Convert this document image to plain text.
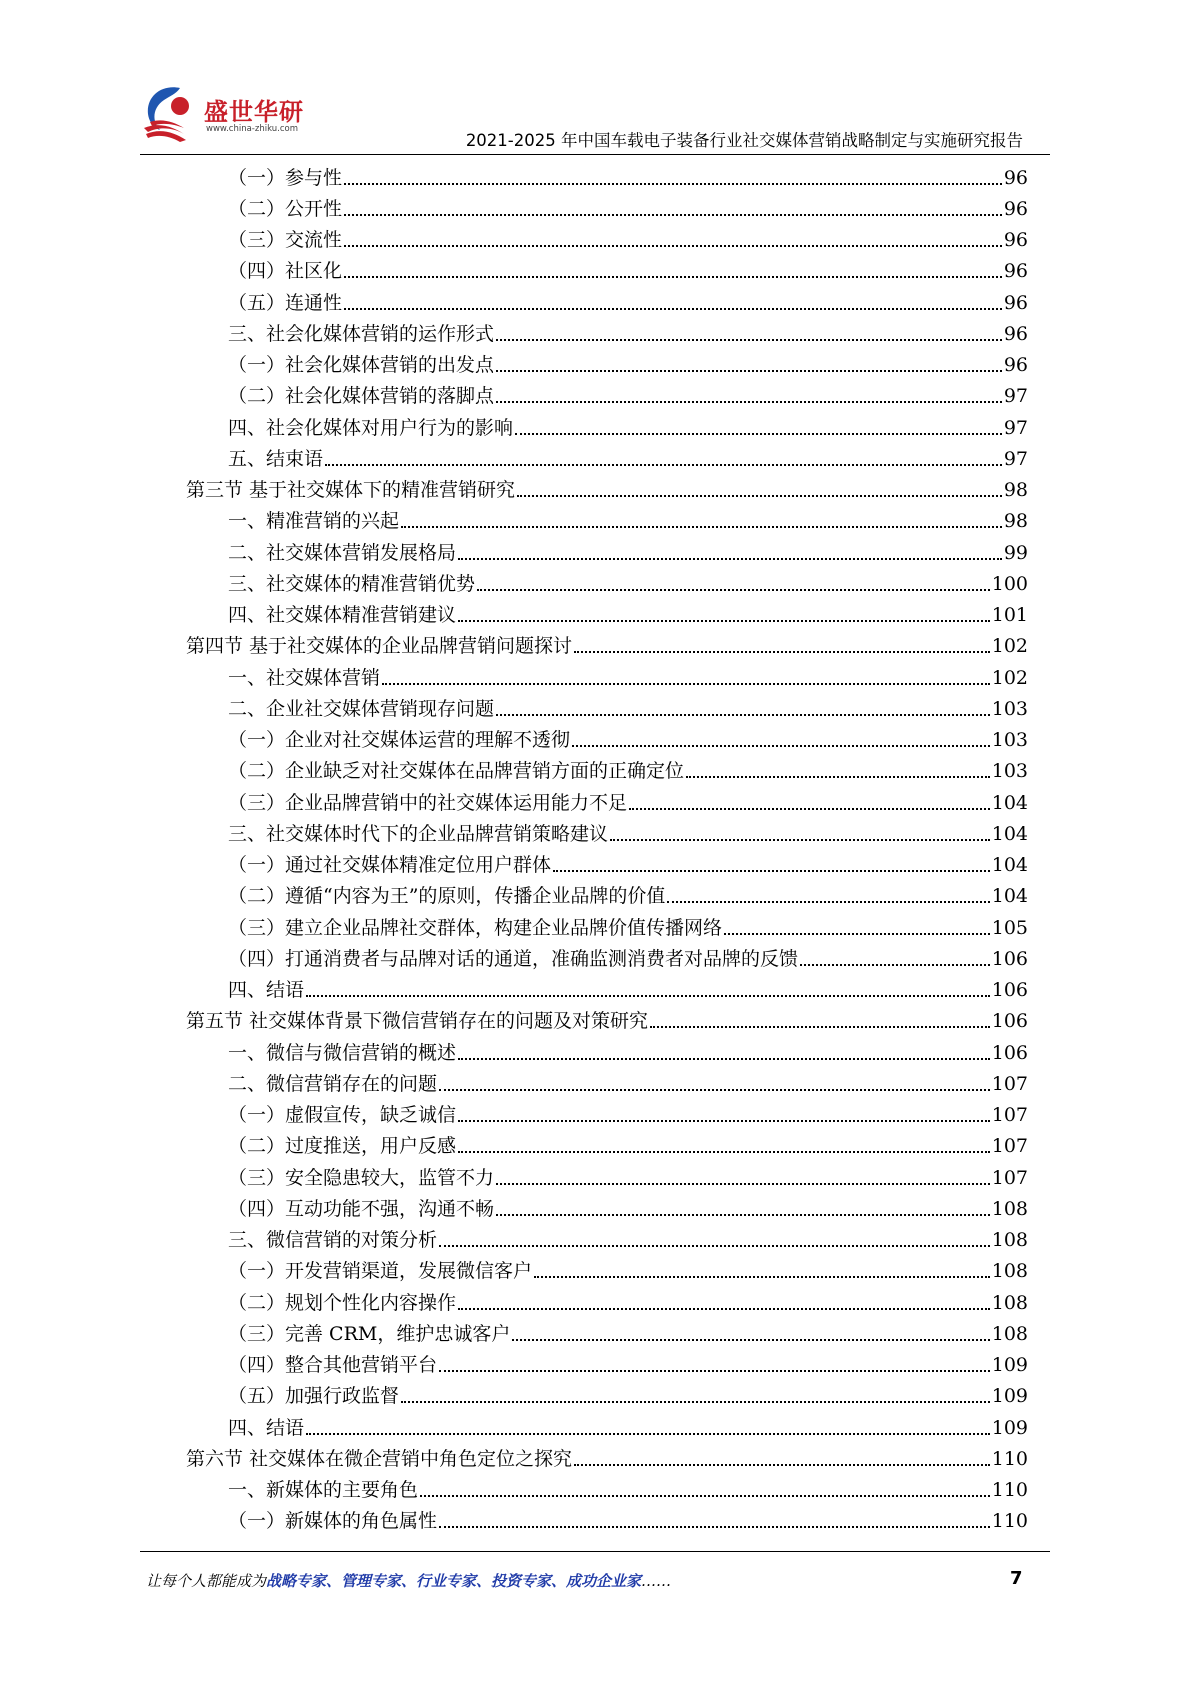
盛世华研
www.china-zhiku.com
2021-2025 年中国车载电子装备行业社交媒体营销战略制定与实施研究报告
（一）参与性	96
（二）公开性	96
（三）交流性	96
（四）社区化	96
（五）连通性	96
三、社会化媒体营销的运作形式	96
（一）社会化媒体营销的出发点	96
（二）社会化媒体营销的落脚点	97
四、社会化媒体对用户行为的影响	97
五、结束语	97
第三节 基于社交媒体下的精准营销研究	98
一、精准营销的兴起	98
二、社交媒体营销发展格局	99
三、社交媒体的精准营销优势	100
四、社交媒体精准营销建议	101
第四节 基于社交媒体的企业品牌营销问题探讨	102
一、社交媒体营销	102
二、企业社交媒体营销现存问题	103
（一）企业对社交媒体运营的理解不透彻	103
（二）企业缺乏对社交媒体在品牌营销方面的正确定位	103
（三）企业品牌营销中的社交媒体运用能力不足	104
三、社交媒体时代下的企业品牌营销策略建议	104
（一）通过社交媒体精准定位用户群体	104
（二）遵循“内容为王”的原则，传播企业品牌的价值	104
（三）建立企业品牌社交群体，构建企业品牌价值传播网络	105
（四）打通消费者与品牌对话的通道，准确监测消费者对品牌的反馈	106
四、结语	106
第五节 社交媒体背景下微信营销存在的问题及对策研究	106
一、微信与微信营销的概述	106
二、微信营销存在的问题	107
（一）虚假宣传，缺乏诚信	107
（二）过度推送，用户反感	107
（三）安全隐患较大，监管不力	107
（四）互动功能不强，沟通不畅	108
三、微信营销的对策分析	108
（一）开发营销渠道，发展微信客户	108
（二）规划个性化内容操作	108
（三）完善 CRM，维护忠诚客户	108
（四）整合其他营销平台	109
（五）加强行政监督	109
四、结语	109
第六节 社交媒体在微企营销中角色定位之探究	110
一、新媒体的主要角色	110
（一）新媒体的角色属性	110
让每个人都能成为战略专家、管理专家、行业专家、投资专家、成功企业家……	7
